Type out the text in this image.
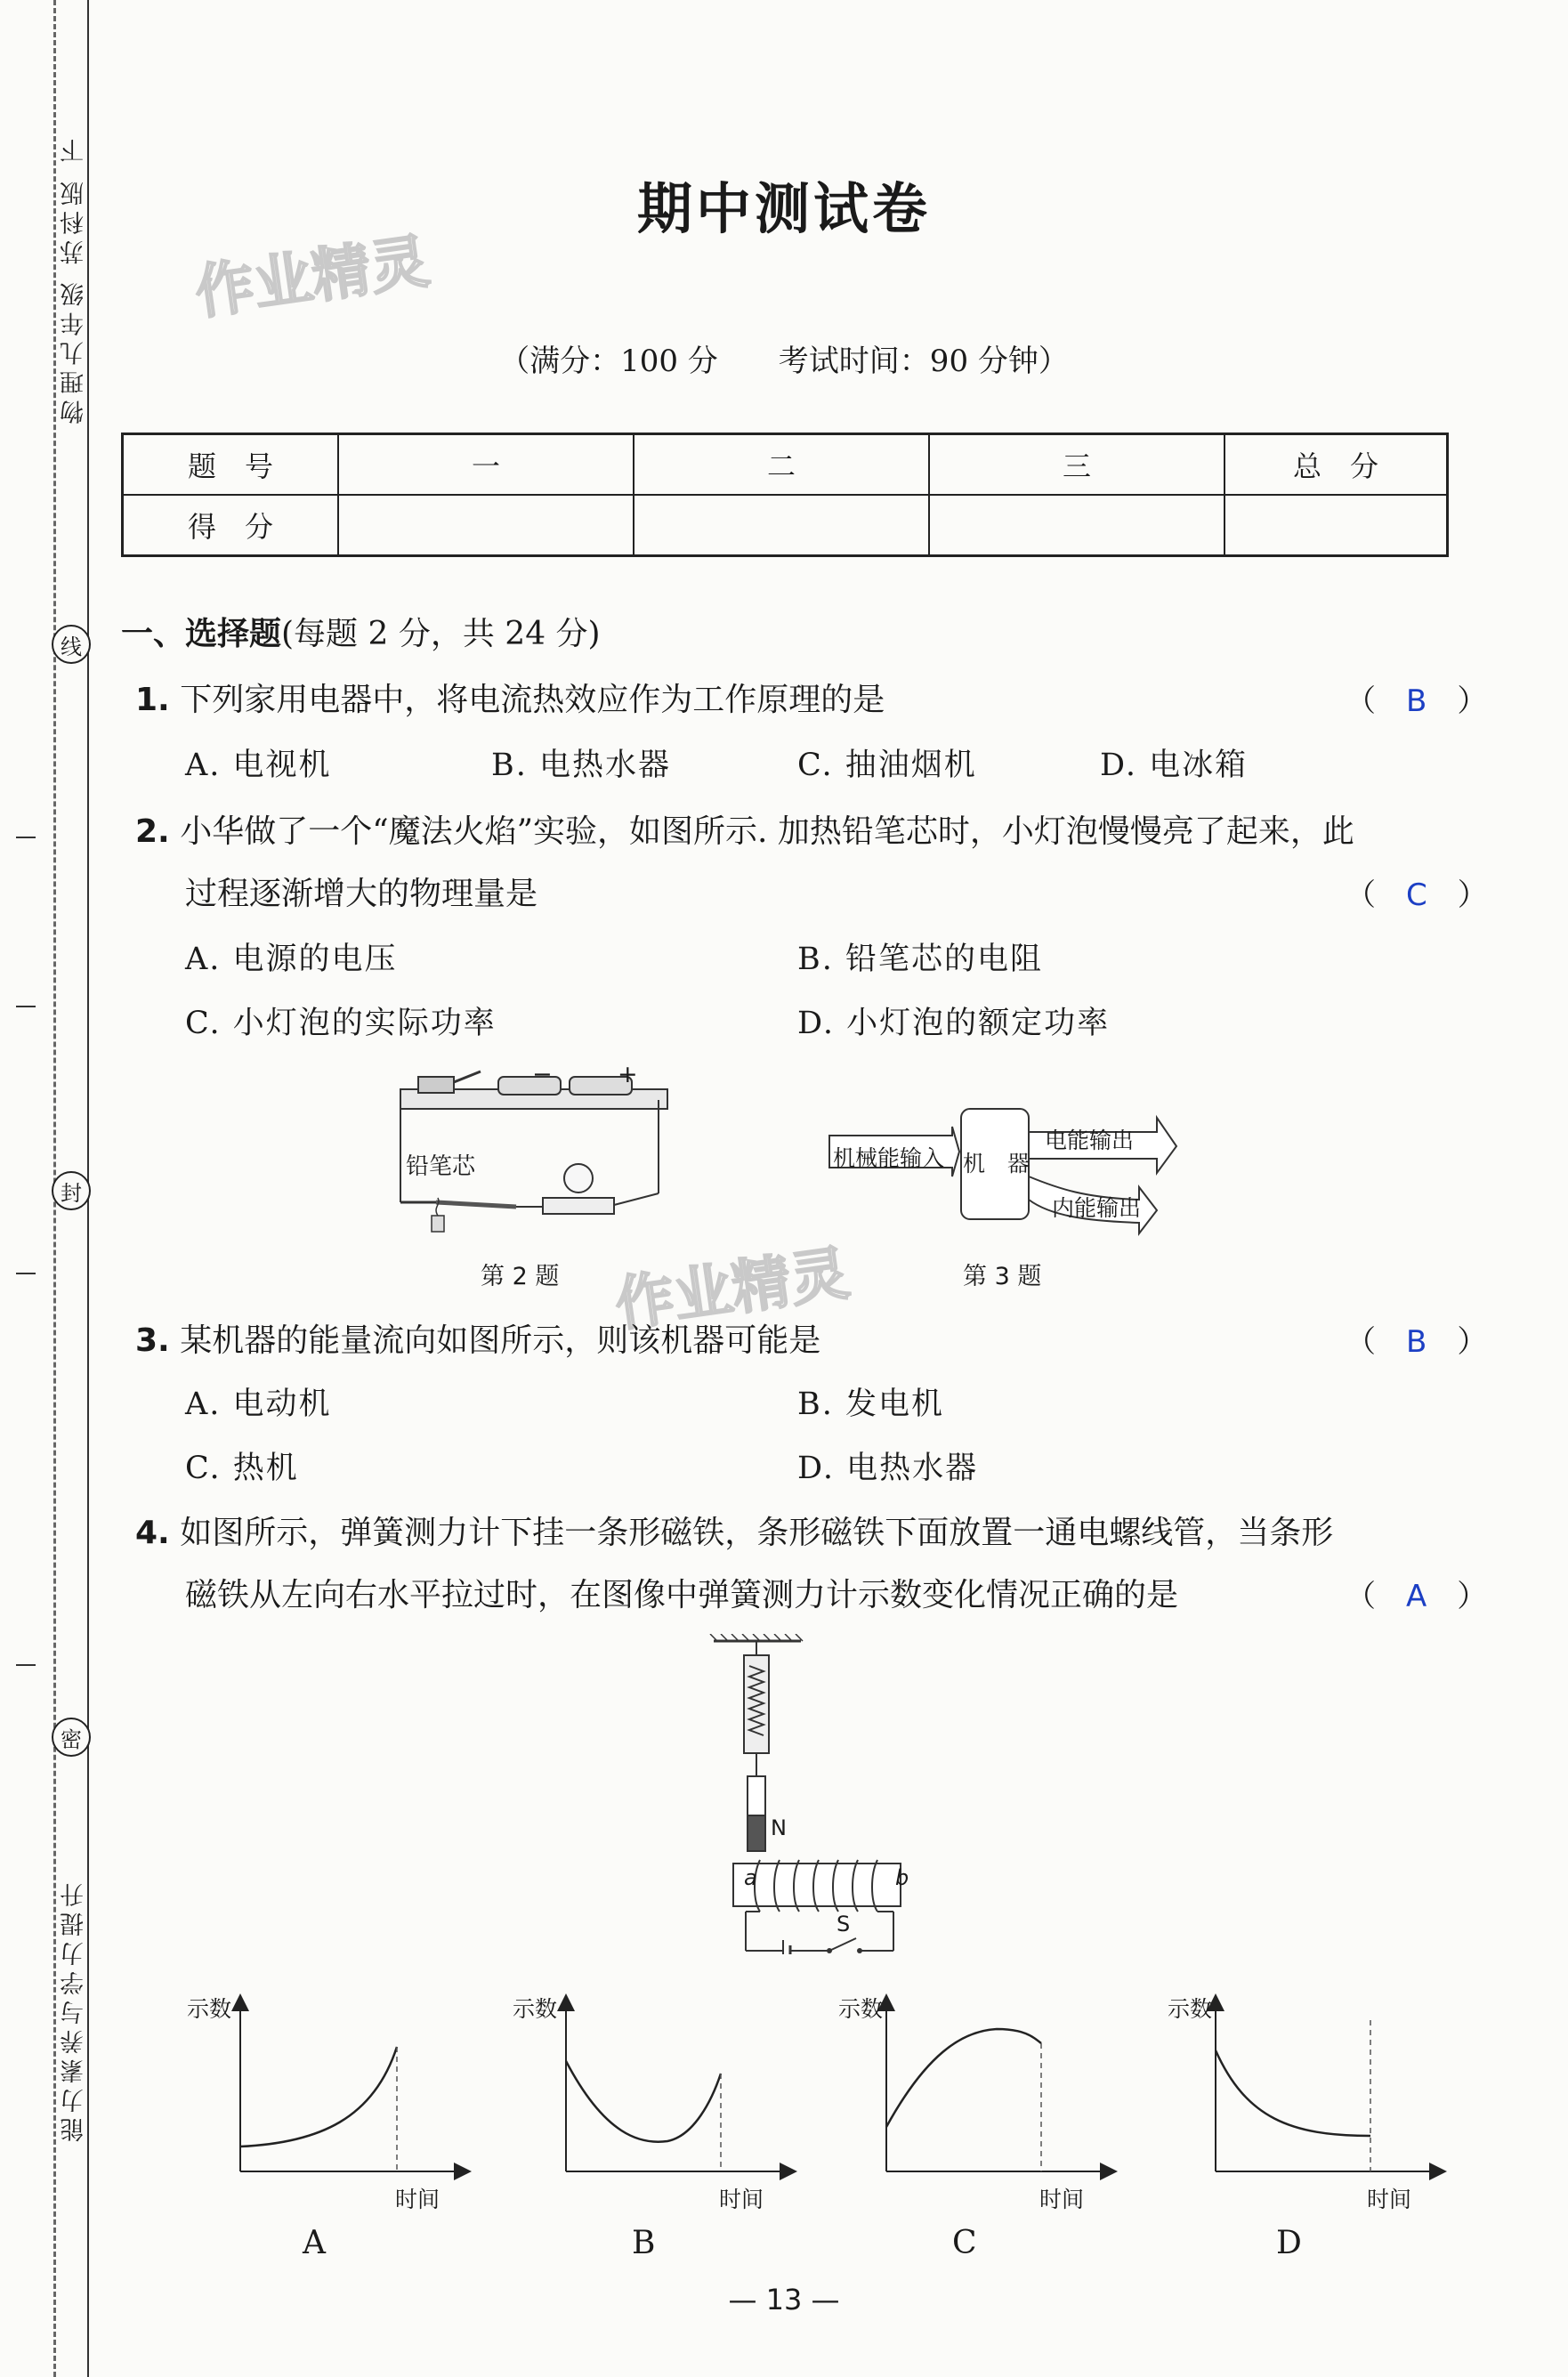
物理九年级 苏科版 下
能力素养与学力提升
线
封
密
作业精灵
作业精灵
期中测试卷
（满分：100 分　　考试时间：90 分钟）
题　号	一	二	三	总　分
得　分				
一、选择题(每题 2 分，共 24 分)
1. 下列家用电器中，将电流热效应作为工作原理的是	（　B　）
A. 电视机	B. 电热水器	C. 抽油烟机	D. 电冰箱
2. 小华做了一个“魔法火焰”实验，如图所示. 加热铅笔芯时，小灯泡慢慢亮了起来，此
过程逐渐增大的物理量是	（　C　）
A. 电源的电压	B. 铅笔芯的电阻
C. 小灯泡的实际功率	D. 小灯泡的额定功率
铅笔芯
−	+
第 2 题
机械能输入 机　器
电能输出
内能输出
第 3 题
3. 某机器的能量流向如图所示，则该机器可能是	（　B　）
A. 电动机	B. 发电机
C. 热机	D. 电热水器
4. 如图所示，弹簧测力计下挂一条形磁铁，条形磁铁下面放置一通电螺线管，当条形
磁铁从左向右水平拉过时，在图像中弹簧测力计示数变化情况正确的是	（　A　）
N
a	b
S
示数
时间
A
示数
时间
B
示数
时间
C
示数
时间
D
— 13 —
